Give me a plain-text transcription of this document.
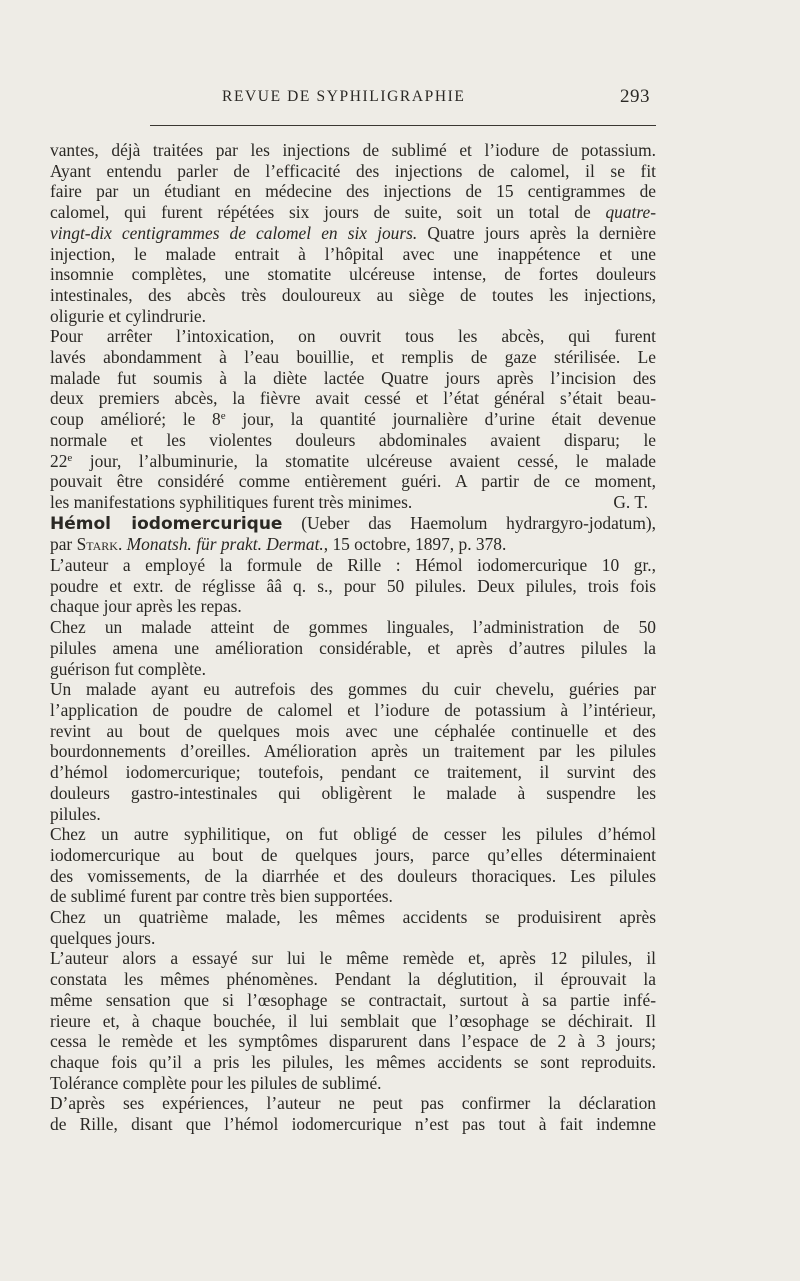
REVUE DE SYPHILIGRAPHIE	293

vantes, déjà traitées par les injections de sublimé et l’iodure de potassium.
Ayant entendu parler de l’efficacité des injections de calomel, il se fit
faire par un étudiant en médecine des injections de 15 centigrammes de
calomel, qui furent répétées six jours de suite, soit un total de quatre-
vingt-dix centigrammes de calomel en six jours. Quatre jours après la dernière
injection, le malade entrait à l’hôpital avec une inappétence et une
insomnie complètes, une stomatite ulcéreuse intense, de fortes douleurs
intestinales, des abcès très douloureux au siège de toutes les injections,
oligurie et cylindrurie.

Pour arrêter l’intoxication, on ouvrit tous les abcès, qui furent
lavés abondamment à l’eau bouillie, et remplis de gaze stérilisée. Le
malade fut soumis à la diète lactée Quatre jours après l’incision des
deux premiers abcès, la fièvre avait cessé et l’état général s’était beau-
coup amélioré; le 8e jour, la quantité journalière d’urine était devenue
normale et les violentes douleurs abdominales avaient disparu; le
22e jour, l’albuminurie, la stomatite ulcéreuse avaient cessé, le malade
pouvait être considéré comme entièrement guéri. A partir de ce moment,
les manifestations syphilitiques furent très minimes.	G. T.

Hémol iodomercurique (Ueber das Haemolum hydrargyro-jodatum),
par Stark. Monatsh. für prakt. Dermat., 15 octobre, 1897, p. 378.

L’auteur a employé la formule de Rille : Hémol iodomercurique 10 gr.,
poudre et extr. de réglisse ââ q. s., pour 50 pilules. Deux pilules, trois fois
chaque jour après les repas.

Chez un malade atteint de gommes linguales, l’administration de 50
pilules amena une amélioration considérable, et après d’autres pilules la
guérison fut complète.

Un malade ayant eu autrefois des gommes du cuir chevelu, guéries par
l’application de poudre de calomel et l’iodure de potassium à l’intérieur,
revint au bout de quelques mois avec une céphalée continuelle et des
bourdonnements d’oreilles. Amélioration après un traitement par les pilules
d’hémol iodomercurique; toutefois, pendant ce traitement, il survint des
douleurs gastro-intestinales qui obligèrent le malade à suspendre les
pilules.

Chez un autre syphilitique, on fut obligé de cesser les pilules d’hémol
iodomercurique au bout de quelques jours, parce qu’elles déterminaient
des vomissements, de la diarrhée et des douleurs thoraciques. Les pilules
de sublimé furent par contre très bien supportées.

Chez un quatrième malade, les mêmes accidents se produisirent après
quelques jours.

L’auteur alors a essayé sur lui le même remède et, après 12 pilules, il
constata les mêmes phénomènes. Pendant la déglutition, il éprouvait la
même sensation que si l’œsophage se contractait, surtout à sa partie infé-
rieure et, à chaque bouchée, il lui semblait que l’œsophage se déchirait. Il
cessa le remède et les symptômes disparurent dans l’espace de 2 à 3 jours;
chaque fois qu’il a pris les pilules, les mêmes accidents se sont reproduits.
Tolérance complète pour les pilules de sublimé.

D’après ses expériences, l’auteur ne peut pas confirmer la déclaration
de Rille, disant que l’hémol iodomercurique n’est pas tout à fait indemne
